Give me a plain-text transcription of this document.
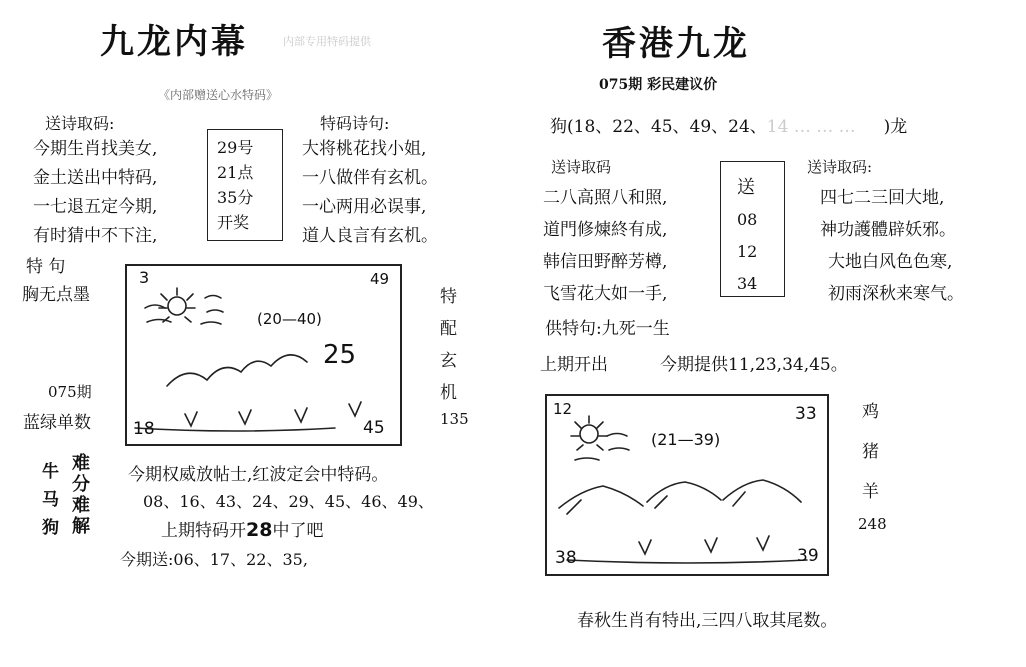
九龙内幕	内部专用特码提供
《内部赠送心水特码》
送诗取码:
今期生肖找美女,
金土送出中特码,
一七退五定今期,
有时猜中不下注,
29号
21点
35分
开奖
特码诗句:
大将桃花找小姐,
一八做伴有玄机。
一心两用必误事,
道人良言有玄机。
特 句
胸无点墨
075期
蓝绿单数
3	49
(20—40)
25
18	45
特
配
玄
机
135
牛
马
狗
难
分
难
解
今期权威放帖士,红波定会中特码。
08、16、43、24、29、45、46、49、
上期特码开28中了吧
今期送:06、17、22、35,
香港九龙
075期 彩民建议价
狗(18、22、45、49、24、14 … … … )龙
送诗取码	送诗取码:
二八高照八和照,
道門修煉終有成,
韩信田野醉芳樽,
飞雪花大如一手,
送
08
12
34
四七二三回大地,
神功護體辟妖邪。
大地白风色色寒,
初雨深秋来寒气。
供特句:九死一生
上期开出	今期提供11,23,34,45。
12	33
(21—39)
38	39
鸡
猪
羊
248
春秋生肖有特出,三四八取其尾数。
